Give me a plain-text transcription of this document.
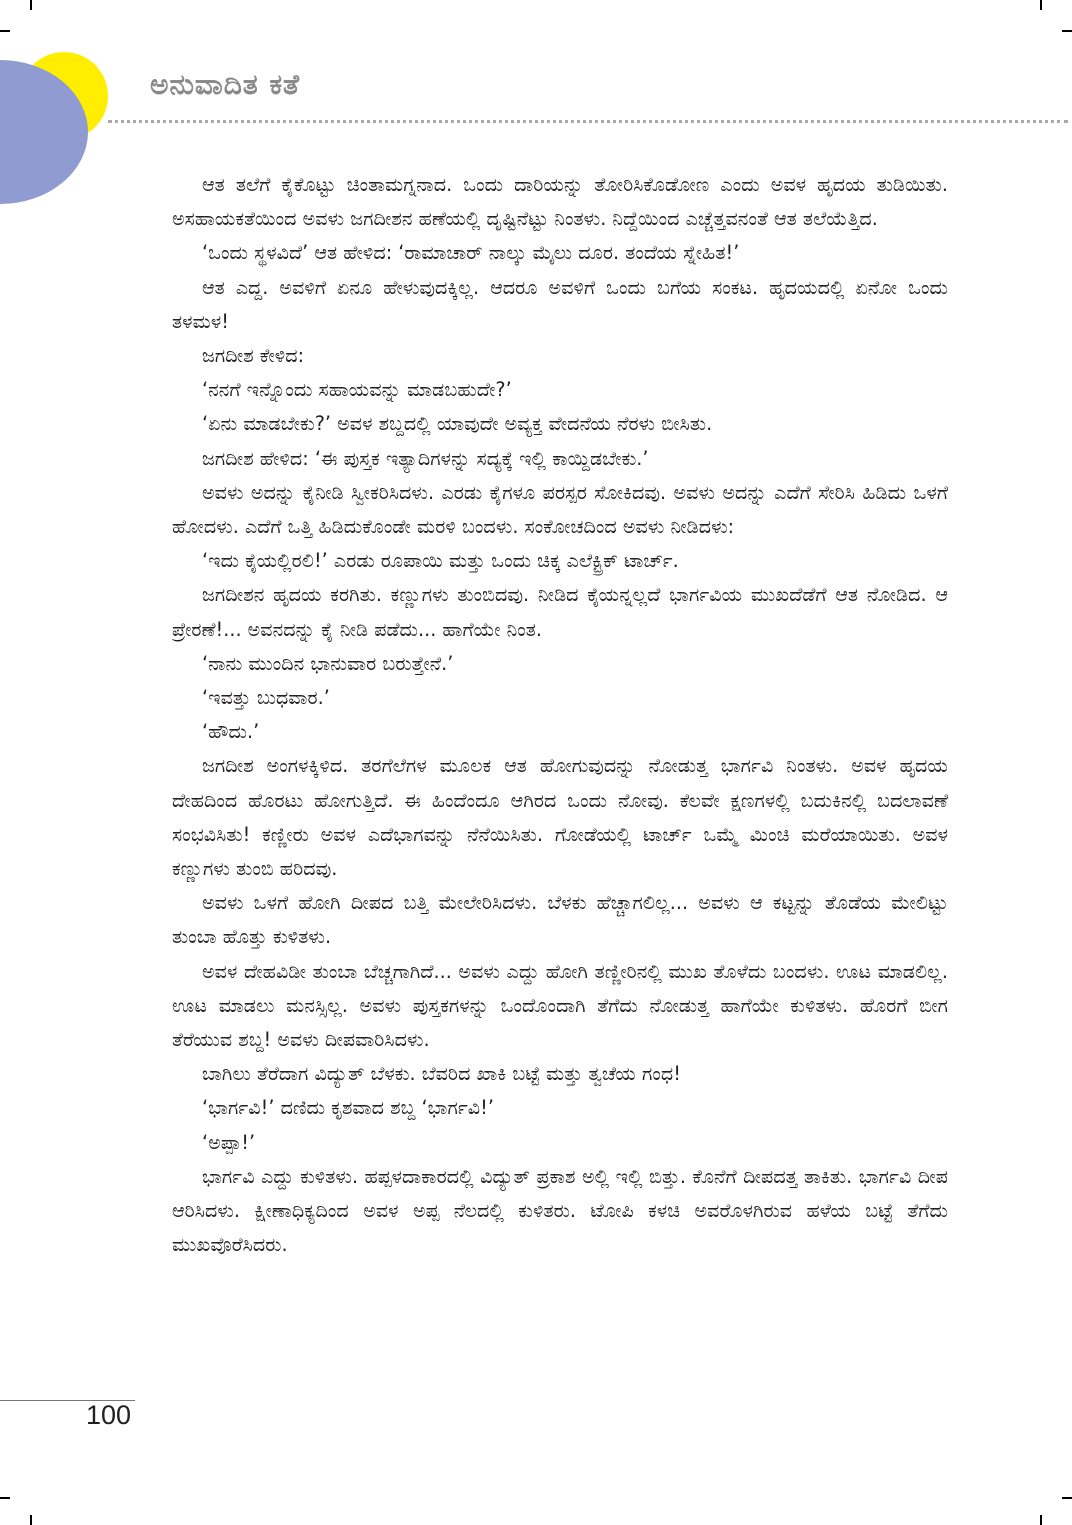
ಅನುವಾದಿತ ಕತೆ

ಆತ ತಲೆಗೆ ಕೈಕೊಟ್ಟು ಚಿಂತಾಮಗ್ನನಾದ. ಒಂದು ದಾರಿಯನ್ನು ತೋರಿಸಿಕೊಡೋಣ ಎಂದು ಅವಳ ಹೃದಯ ತುಡಿಯಿತು. ಅಸಹಾಯಕತೆಯಿಂದ ಅವಳು ಜಗದೀಶನ ಹಣೆಯಲ್ಲಿ ದೃಷ್ಟಿನೆಟ್ಟು ನಿಂತಳು. ನಿದ್ದೆಯಿಂದ ಎಚ್ಚೆತ್ತವನಂತೆ ಆತ ತಲೆಯೆತ್ತಿದ.

‘ಒಂದು ಸ್ಥಳವಿದೆ’ ಆತ ಹೇಳಿದ: ‘ರಾಮಾಚಾರ್ ನಾಲ್ಕು ಮೈಲು ದೂರ. ತಂದೆಯ ಸ್ನೇಹಿತ!’

ಆತ ಎದ್ದ. ಅವಳಿಗೆ ಏನೂ ಹೇಳುವುದಕ್ಕಿಲ್ಲ. ಆದರೂ ಅವಳಿಗೆ ಒಂದು ಬಗೆಯ ಸಂಕಟ. ಹೃದಯದಲ್ಲಿ ಏನೋ ಒಂದು ತಳಮಳ!

ಜಗದೀಶ ಕೇಳಿದ:

‘ನನಗೆ ಇನ್ನೊಂದು ಸಹಾಯವನ್ನು ಮಾಡಬಹುದೇ?’

‘ಏನು ಮಾಡಬೇಕು?’ ಅವಳ ಶಬ್ದದಲ್ಲಿ ಯಾವುದೇ ಅವ್ಯಕ್ತ ವೇದನೆಯ ನೆರಳು ಬೀಸಿತು.

ಜಗದೀಶ ಹೇಳಿದ: ‘ಈ ಪುಸ್ತಕ ಇತ್ಯಾದಿಗಳನ್ನು ಸದ್ಯಕ್ಕೆ ಇಲ್ಲಿ ಕಾಯ್ದಿಡಬೇಕು.’

ಅವಳು ಅದನ್ನು ಕೈನೀಡಿ ಸ್ವೀಕರಿಸಿದಳು. ಎರಡು ಕೈಗಳೂ ಪರಸ್ಪರ ಸೋಕಿದವು. ಅವಳು ಅದನ್ನು ಎದೆಗೆ ಸೇರಿಸಿ ಹಿಡಿದು ಒಳಗೆ ಹೋದಳು. ಎದೆಗೆ ಒತ್ತಿ ಹಿಡಿದುಕೊಂಡೇ ಮರಳಿ ಬಂದಳು. ಸಂಕೋಚದಿಂದ ಅವಳು ನೀಡಿದಳು:

‘ಇದು ಕೈಯಲ್ಲಿರಲಿ!’ ಎರಡು ರೂಪಾಯಿ ಮತ್ತು ಒಂದು ಚಿಕ್ಕ ಎಲೆಕ್ಟ್ರಿಕ್ ಟಾರ್ಚ್.

ಜಗದೀಶನ ಹೃದಯ ಕರಗಿತು. ಕಣ್ಣುಗಳು ತುಂಬಿದವು. ನೀಡಿದ ಕೈಯನ್ನಲ್ಲದೆ ಭಾರ್ಗವಿಯ ಮುಖದೆಡೆಗೆ ಆತ ನೋಡಿದ. ಆ ಪ್ರೇರಣೆ!... ಅವನದನ್ನು ಕೈ ನೀಡಿ ಪಡೆದು... ಹಾಗೆಯೇ ನಿಂತ.

‘ನಾನು ಮುಂದಿನ ಭಾನುವಾರ ಬರುತ್ತೇನೆ.’

‘ಇವತ್ತು ಬುಧವಾರ.’

‘ಹೌದು.’

ಜಗದೀಶ ಅಂಗಳಕ್ಕಿಳಿದ. ತರಗೆಲೆಗಳ ಮೂಲಕ ಆತ ಹೋಗುವುದನ್ನು ನೋಡುತ್ತ ಭಾರ್ಗವಿ ನಿಂತಳು. ಅವಳ ಹೃದಯ ದೇಹದಿಂದ ಹೊರಟು ಹೋಗುತ್ತಿದೆ. ಈ ಹಿಂದೆಂದೂ ಆಗಿರದ ಒಂದು ನೋವು. ಕೆಲವೇ ಕ್ಷಣಗಳಲ್ಲಿ ಬದುಕಿನಲ್ಲಿ ಬದಲಾವಣೆ ಸಂಭವಿಸಿತು! ಕಣ್ಣೀರು ಅವಳ ಎದೆಭಾಗವನ್ನು ನೆನೆಯಿಸಿತು. ಗೋಡೆಯಲ್ಲಿ ಟಾರ್ಚ್ ಒಮ್ಮೆ ಮಿಂಚಿ ಮರೆಯಾಯಿತು. ಅವಳ ಕಣ್ಣುಗಳು ತುಂಬಿ ಹರಿದವು.

ಅವಳು ಒಳಗೆ ಹೋಗಿ ದೀಪದ ಬತ್ತಿ ಮೇಲೇರಿಸಿದಳು. ಬೆಳಕು ಹೆಚ್ಚಾಗಲಿಲ್ಲ... ಅವಳು ಆ ಕಟ್ಟನ್ನು ತೊಡೆಯ ಮೇಲಿಟ್ಟು ತುಂಬಾ ಹೊತ್ತು ಕುಳಿತಳು.

ಅವಳ ದೇಹವಿಡೀ ತುಂಬಾ ಬೆಚ್ಚಗಾಗಿದೆ... ಅವಳು ಎದ್ದು ಹೋಗಿ ತಣ್ಣೀರಿನಲ್ಲಿ ಮುಖ ತೊಳೆದು ಬಂದಳು. ಊಟ ಮಾಡಲಿಲ್ಲ. ಊಟ ಮಾಡಲು ಮನಸ್ಸಿಲ್ಲ. ಅವಳು ಪುಸ್ತಕಗಳನ್ನು ಒಂದೊಂದಾಗಿ ತೆಗೆದು ನೋಡುತ್ತ ಹಾಗೆಯೇ ಕುಳಿತಳು. ಹೊರಗೆ ಬೀಗ ತೆರೆಯುವ ಶಬ್ದ! ಅವಳು ದೀಪವಾರಿಸಿದಳು.

ಬಾಗಿಲು ತೆರೆದಾಗ ವಿದ್ಯುತ್ ಬೆಳಕು. ಬೆವರಿದ ಖಾಕಿ ಬಟ್ಟೆ ಮತ್ತು ತ್ವಚೆಯ ಗಂಧ!

‘ಭಾರ್ಗವಿ!’ ದಣಿದು ಕೃಶವಾದ ಶಬ್ದ ‘ಭಾರ್ಗವಿ!’

‘ಅಪ್ಪಾ!’

ಭಾರ್ಗವಿ ಎದ್ದು ಕುಳಿತಳು. ಹಪ್ಪಳದಾಕಾರದಲ್ಲಿ ವಿದ್ಯುತ್ ಪ್ರಕಾಶ ಅಲ್ಲಿ ಇಲ್ಲಿ ಬಿತ್ತು. ಕೊನೆಗೆ ದೀಪದತ್ತ ತಾಕಿತು. ಭಾರ್ಗವಿ ದೀಪ ಆರಿಸಿದಳು. ಕ್ಷೀಣಾಧಿಕ್ಯದಿಂದ ಅವಳ ಅಪ್ಪ ನೆಲದಲ್ಲಿ ಕುಳಿತರು. ಟೋಪಿ ಕಳಚಿ ಅವರೊಳಗಿರುವ ಹಳೆಯ ಬಟ್ಟೆ ತೆಗೆದು ಮುಖವೊರೆಸಿದರು.

100
